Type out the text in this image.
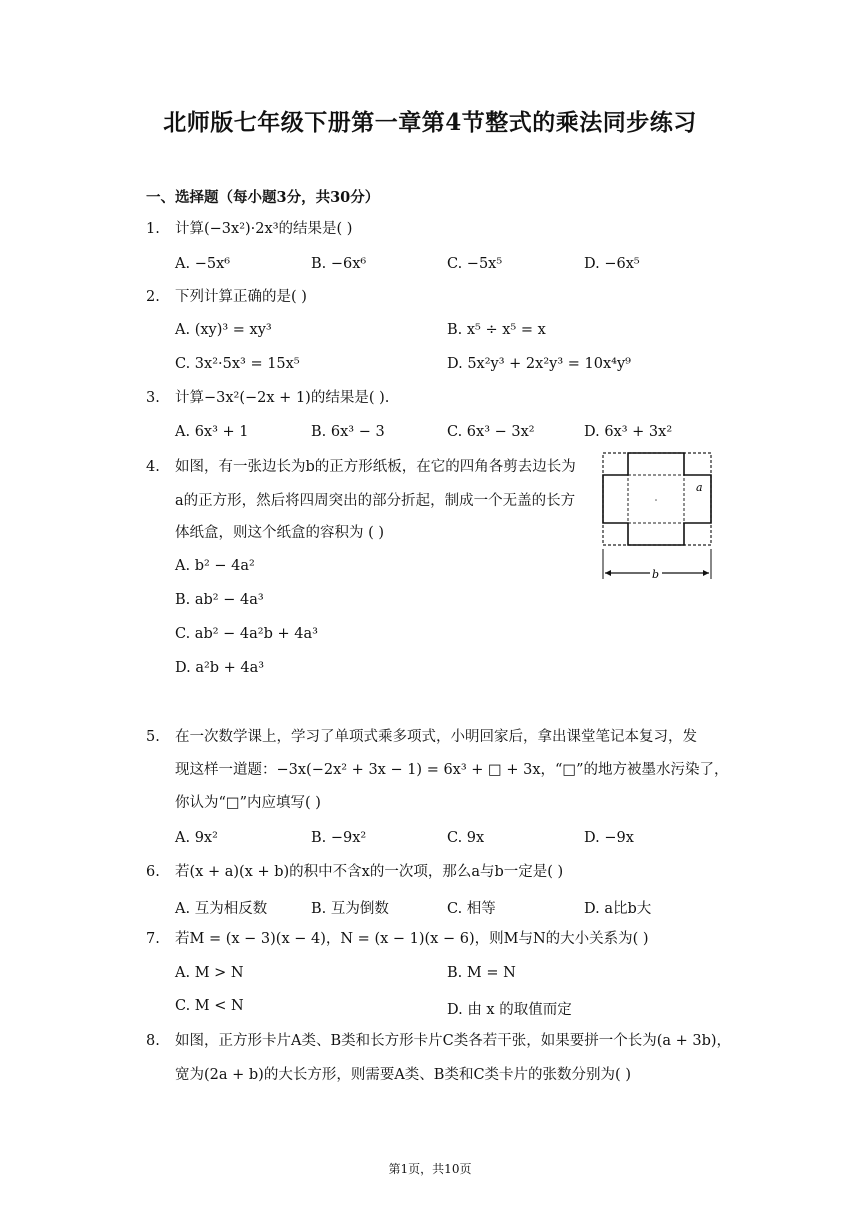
北师版七年级下册第一章第4节整式的乘法同步练习
一、选择题（每小题3分，共30分）
1.	计算(−3x²)·2x³的结果是( )
A. −5x⁶	B. −6x⁶	C. −5x⁵	D. −6x⁵
2.	下列计算正确的是( )
A. (xy)³ = xy³	B. x⁵ ÷ x⁵ = x
C. 3x²·5x³ = 15x⁵	D. 5x²y³ + 2x²y³ = 10x⁴y⁹
3.	计算−3x²(−2x + 1)的结果是( ).
A. 6x³ + 1	B. 6x³ − 3	C. 6x³ − 3x²	D. 6x³ + 3x²
4.	如图，有一张边长为b的正方形纸板，在它的四角各剪去边长为
a的正方形，然后将四周突出的部分折起，制成一个无盖的长方
体纸盒，则这个纸盒的容积为 ( )
A. b² − 4a²
B. ab² − 4a³
C. ab² − 4a²b + 4a³
D. a²b + 4a³
a
b
5.	在一次数学课上，学习了单项式乘多项式，小明回家后，拿出课堂笔记本复习，发
现这样一道题：−3x(−2x² + 3x − 1) = 6x³ + □ + 3x，“□”的地方被墨水污染了，
你认为“□”内应填写( )
A. 9x²	B. −9x²	C. 9x	D. −9x
6.	若(x + a)(x + b)的积中不含x的一次项，那么a与b一定是( )
A. 互为相反数	B. 互为倒数	C. 相等	D. a比b大
7.	若M = (x − 3)(x − 4)，N = (x − 1)(x − 6)，则M与N的大小关系为( )
A. M > N	B. M = N
C. M < N	D. 由 x 的取值而定
8.	如图，正方形卡片A类、B类和长方形卡片C类各若干张，如果要拼一个长为(a + 3b)，
宽为(2a + b)的大长方形，则需要A类、B类和C类卡片的张数分别为( )
第1页，共10页
